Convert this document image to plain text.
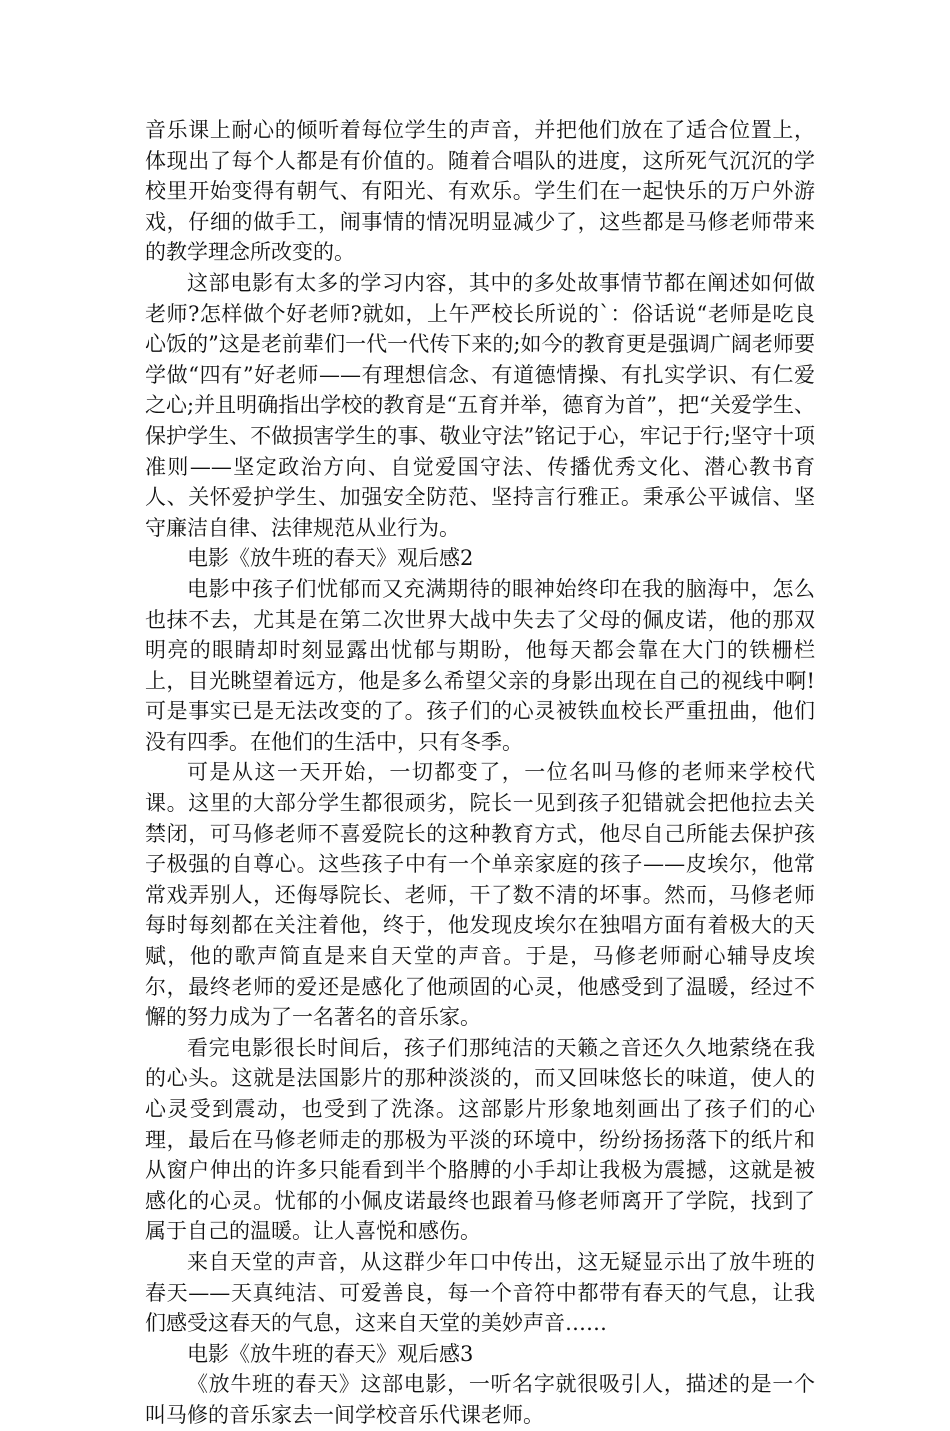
音乐课上耐心的倾听着每位学生的声音，并把他们放在了适合位置上，体现出了每个人都是有价值的。随着合唱队的进度，这所死气沉沉的学校里开始变得有朝气、有阳光、有欢乐。学生们在一起快乐的万户外游戏，仔细的做手工，闹事情的情况明显减少了，这些都是马修老师带来的教学理念所改变的。

这部电影有太多的学习内容，其中的多处故事情节都在阐述如何做老师?怎样做个好老师?就如，上午严校长所说的`：俗话说“老师是吃良心饭的”这是老前辈们一代一代传下来的;如今的教育更是强调广阔老师要学做“四有”好老师——有理想信念、有道德情操、有扎实学识、有仁爱之心;并且明确指出学校的教育是“五育并举，德育为首”，把“关爱学生、保护学生、不做损害学生的事、敬业守法”铭记于心，牢记于行;坚守十项准则——坚定政治方向、自觉爱国守法、传播优秀文化、潜心教书育人、关怀爱护学生、加强安全防范、坚持言行雅正。秉承公平诚信、坚守廉洁自律、法律规范从业行为。

电影《放牛班的春天》观后感2

电影中孩子们忧郁而又充满期待的眼神始终印在我的脑海中，怎么也抹不去，尤其是在第二次世界大战中失去了父母的佩皮诺，他的那双明亮的眼睛却时刻显露出忧郁与期盼，他每天都会靠在大门的铁栅栏上，目光眺望着远方，他是多么希望父亲的身影出现在自己的视线中啊!可是事实已是无法改变的了。孩子们的心灵被铁血校长严重扭曲，他们没有四季。在他们的生活中，只有冬季。

可是从这一天开始，一切都变了，一位名叫马修的老师来学校代课。这里的大部分学生都很顽劣，院长一见到孩子犯错就会把他拉去关禁闭，可马修老师不喜爱院长的这种教育方式，他尽自己所能去保护孩子极强的自尊心。这些孩子中有一个单亲家庭的孩子——皮埃尔，他常常戏弄别人，还侮辱院长、老师，干了数不清的坏事。然而，马修老师每时每刻都在关注着他，终于，他发现皮埃尔在独唱方面有着极大的天赋，他的歌声简直是来自天堂的声音。于是，马修老师耐心辅导皮埃尔，最终老师的爱还是感化了他顽固的心灵，他感受到了温暖，经过不懈的努力成为了一名著名的音乐家。

看完电影很长时间后，孩子们那纯洁的天籁之音还久久地萦绕在我的心头。这就是法国影片的那种淡淡的，而又回味悠长的味道，使人的心灵受到震动，也受到了洗涤。这部影片形象地刻画出了孩子们的心理，最后在马修老师走的那极为平淡的环境中，纷纷扬扬落下的纸片和从窗户伸出的许多只能看到半个胳膊的小手却让我极为震撼，这就是被感化的心灵。忧郁的小佩皮诺最终也跟着马修老师离开了学院，找到了属于自己的温暖。让人喜悦和感伤。

来自天堂的声音，从这群少年口中传出，这无疑显示出了放牛班的春天——天真纯洁、可爱善良，每一个音符中都带有春天的气息，让我们感受这春天的气息，这来自天堂的美妙声音……

电影《放牛班的春天》观后感3

《放牛班的春天》这部电影，一听名字就很吸引人，描述的是一个叫马修的音乐家去一间学校音乐代课老师。
